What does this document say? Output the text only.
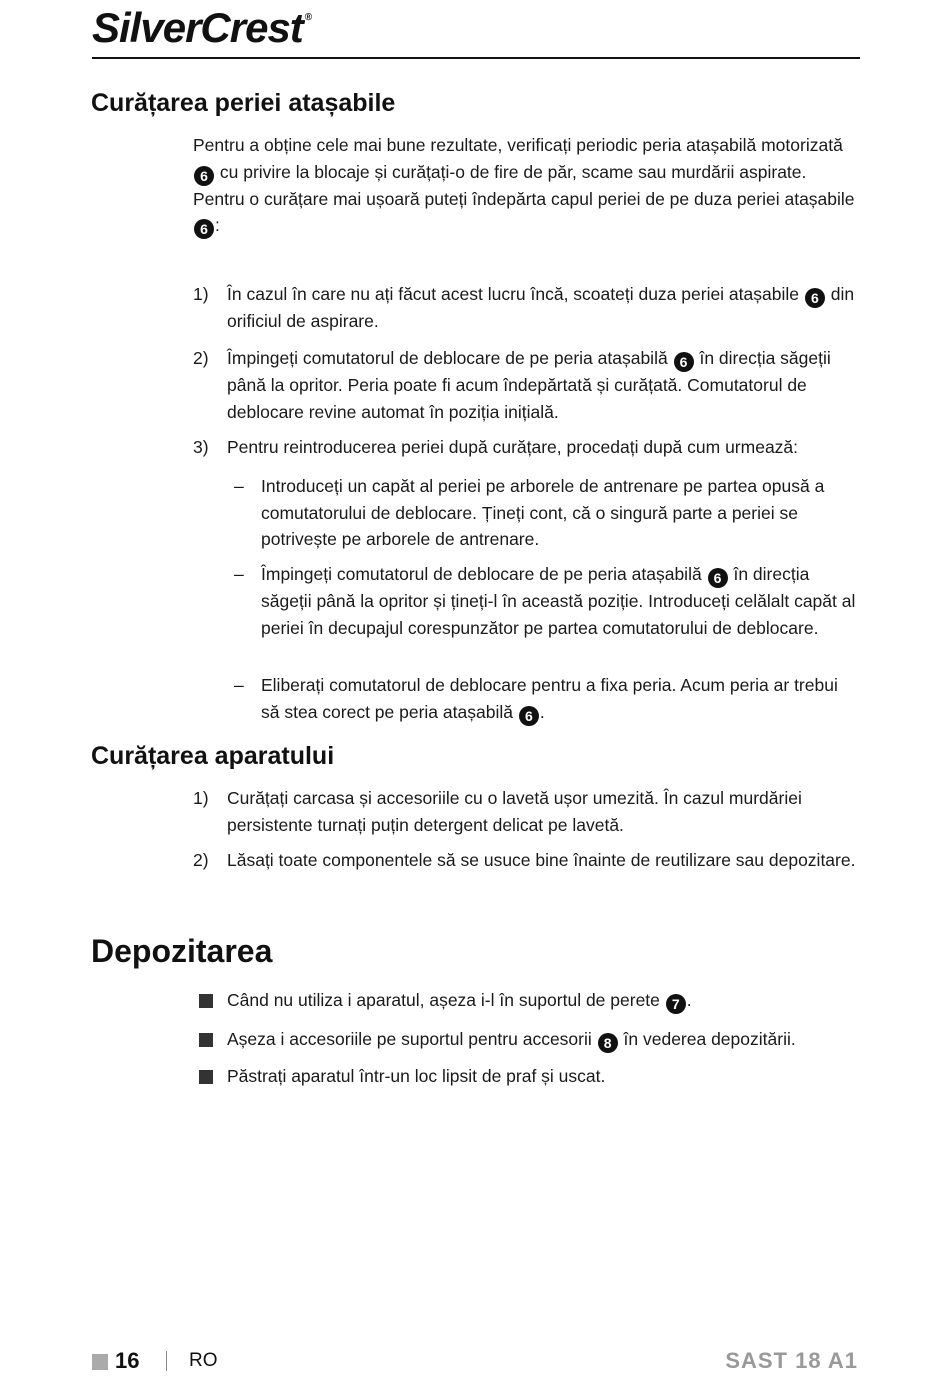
SilverCrest ®
Curățarea periei atașabile

Pentru a obține cele mai bune rezultate, verificați periodic peria atașabilă motorizată 6 cu privire la blocaje și curățați-o de fire de păr, scame sau murdării aspirate.

Pentru o curățare mai ușoară puteți îndepărta capul periei de pe duza periei atașabile 6 :

1) În cazul în care nu ați făcut acest lucru încă, scoateți duza periei atașabile 6 din orificiul de aspirare.
2) Împingeți comutatorul de deblocare de pe peria atașabilă 6 în direcția săgeții până la opritor. Peria poate fi acum îndepărtată și curățată. Comutatorul de deblocare revine automat în poziția inițială.
3) Pentru reintroducerea periei după curățare, procedați după cum urmează:
– Introduceți un capăt al periei pe arborele de antrenare pe partea opusă a comutatorului de deblocare. Țineți cont, că o singură parte a periei se potrivește pe arborele de antrenare.
– Împingeți comutatorul de deblocare de pe peria atașabilă 6 în direcția săgeții până la opritor și țineți-l în această poziție. Introduceți celălalt capăt al periei în decupajul corespunzător pe partea comutatorului de deblocare.
– Eliberați comutatorul de deblocare pentru a fixa peria. Acum peria ar trebui să stea corect pe peria atașabilă 6 .
Curățarea aparatului
1) Curățați carcasa și accesoriile cu o lavetă ușor umezită. În cazul murdăriei persistente turnați puțin detergent delicat pe lavetă.
2) Lăsați toate componentele să se usuce bine înainte de reutilizare sau depozitare.
Depozitarea
Când nu utiliza i aparatul, așeza i-l în suportul de perete 7 .
Așeza i accesoriile pe suportul pentru accesorii 8 în vederea depozitării.
Păstrați aparatul într-un loc lipsit de praf și uscat.
16	RO	SAST 18 A1
